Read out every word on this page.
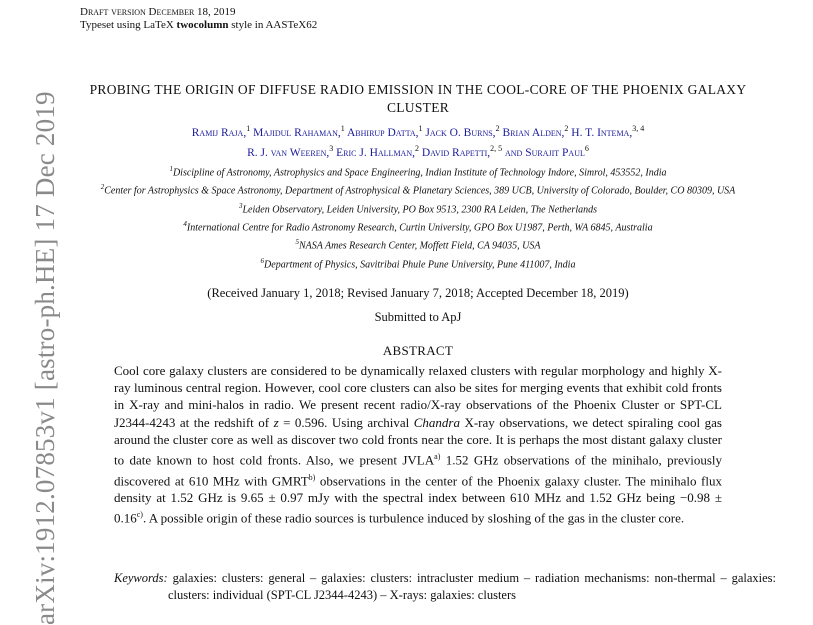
Draft version December 18, 2019
Typeset using LaTeX twocolumn style in AASTeX62
arXiv:1912.07853v1 [astro-ph.HE] 17 Dec 2019
PROBING THE ORIGIN OF DIFFUSE RADIO EMISSION IN THE COOL-CORE OF THE PHOENIX GALAXY CLUSTER
Ramij Raja,$^1$ Majidul Rahaman,$^1$ Abhirup Datta,$^1$ Jack O. Burns,$^2$ Brian Alden,$^2$ H. T. Intema,$^{3, 4}$
R. J. van Weeren,$^3$ Eric J. Hallman,$^2$ David Rapetti,$^{2, 5}$ and Surajit Paul$^6$
$^1$Discipline of Astronomy, Astrophysics and Space Engineering, Indian Institute of Technology Indore, Simrol, 453552, India
$^2$Center for Astrophysics & Space Astronomy, Department of Astrophysical & Planetary Sciences, 389 UCB, University of Colorado, Boulder, CO 80309, USA
$^3$Leiden Observatory, Leiden University, PO Box 9513, 2300 RA Leiden, The Netherlands
$^4$International Centre for Radio Astronomy Research, Curtin University, GPO Box U1987, Perth, WA 6845, Australia
$^5$NASA Ames Research Center, Moffett Field, CA 94035, USA
$^6$Department of Physics, Savitribai Phule Pune University, Pune 411007, India
(Received January 1, 2018; Revised January 7, 2018; Accepted December 18, 2019)
Submitted to ApJ
ABSTRACT
Cool core galaxy clusters are considered to be dynamically relaxed clusters with regular morphology and highly X-ray luminous central region. However, cool core clusters can also be sites for merging events that exhibit cold fronts in X-ray and mini-halos in radio. We present recent radio/X-ray observations of the Phoenix Cluster or SPT-CL J2344-4243 at the redshift of z = 0.596. Using archival Chandra X-ray observations, we detect spiraling cool gas around the cluster core as well as discover two cold fronts near the core. It is perhaps the most distant galaxy cluster to date known to host cold fronts. Also, we present JVLA$^{a)}$ 1.52 GHz observations of the minihalo, previously discovered at 610 MHz with GMRT$^{b)}$ observations in the center of the Phoenix galaxy cluster. The minihalo flux density at 1.52 GHz is 9.65 ± 0.97 mJy with the spectral index between 610 MHz and 1.52 GHz being $-0.98 \pm 0.16^{c)}$. A possible origin of these radio sources is turbulence induced by sloshing of the gas in the cluster core.
Keywords: galaxies: clusters: general – galaxies: clusters: intracluster medium – radiation mechanisms: non-thermal – galaxies: clusters: individual (SPT-CL J2344-4243) – X-rays: galaxies: clusters
